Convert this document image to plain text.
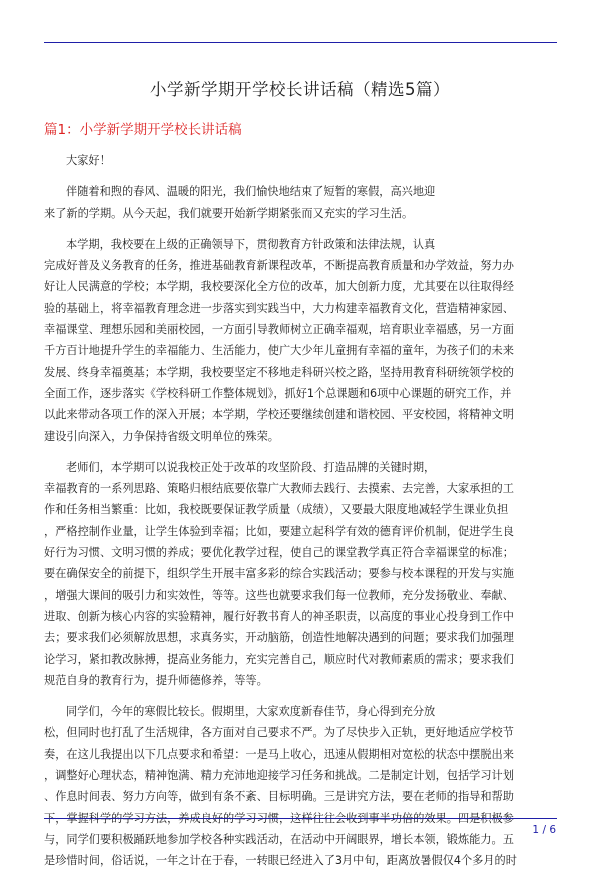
小学新学期开学校长讲话稿（精选5篇）
篇1：小学新学期开学校长讲话稿
大家好！
伴随着和煦的春风、温暖的阳光，我们愉快地结束了短暂的寒假，高兴地迎
来了新的学期。从今天起，我们就要开始新学期紧张而又充实的学习生活。
本学期，我校要在上级的正确领导下，贯彻教育方针政策和法律法规，认真
完成好普及义务教育的任务，推进基础教育新课程改革，不断提高教育质量和办学效益，努力办
好让人民满意的学校；本学期，我校要深化全方位的改革，加大创新力度，尤其要在以往取得经
验的基础上，将幸福教育理念进一步落实到实践当中，大力构建幸福教育文化，营造精神家园、
幸福课堂、理想乐园和美丽校园，一方面引导教师树立正确幸福观，培育职业幸福感，另一方面
千方百计地提升学生的幸福能力、生活能力，使广大少年儿童拥有幸福的童年，为孩子们的未来
发展、终身幸福奠基；本学期，我校要坚定不移地走科研兴校之路，坚持用教育科研统领学校的
全面工作，逐步落实《学校科研工作整体规划》，抓好1个总课题和6项中心课题的研究工作，并
以此来带动各项工作的深入开展；本学期，学校还要继续创建和谐校园、平安校园，将精神文明
建设引向深入，力争保持省级文明单位的殊荣。
老师们，本学期可以说我校正处于改革的攻坚阶段、打造品牌的关键时期，
幸福教育的一系列思路、策略归根结底要依靠广大教师去践行、去摸索、去完善，大家承担的工
作和任务相当繁重：比如，我校既要保证教学质量（成绩），又要最大限度地减轻学生课业负担
，严格控制作业量，让学生体验到幸福；比如，要建立起科学有效的德育评价机制，促进学生良
好行为习惯、文明习惯的养成；要优化教学过程，使自己的课堂教学真正符合幸福课堂的标准；
要在确保安全的前提下，组织学生开展丰富多彩的综合实践活动；要参与校本课程的开发与实施
，增强大课间的吸引力和实效性，等等。这些也就要求我们每一位教师，充分发扬敬业、奉献、
进取、创新为核心内容的实验精神，履行好教书育人的神圣职责，以高度的事业心投身到工作中
去；要求我们必须解放思想，求真务实，开动脑筋，创造性地解决遇到的问题；要求我们加强理
论学习，紧扣教改脉搏，提高业务能力，充实完善自己，顺应时代对教师素质的需求；要求我们
规范自身的教育行为，提升师德修养，等等。
同学们，今年的寒假比较长。假期里，大家欢度新春佳节，身心得到充分放
松，但同时也打乱了生活规律，各方面对自己要求不严。为了尽快步入正轨，更好地适应学校节
奏，在这儿我提出以下几点要求和希望：一是马上收心，迅速从假期相对宽松的状态中摆脱出来
，调整好心理状态，精神饱满、精力充沛地迎接学习任务和挑战。二是制定计划，包括学习计划
、作息时间表、努力方向等，做到有条不紊、目标明确。三是讲究方法，要在老师的指导和帮助
下，掌握科学的学习方法，养成良好的学习习惯，这样往往会收到事半功倍的效果。四是积极参
与，同学们要积极踊跃地参加学校各种实践活动，在活动中开阔眼界，增长本领，锻炼能力。五
是珍惜时间，俗话说，一年之计在于春，一转眼已经进入了3月中旬，距离放暑假仅4个多月的时
1 / 6
